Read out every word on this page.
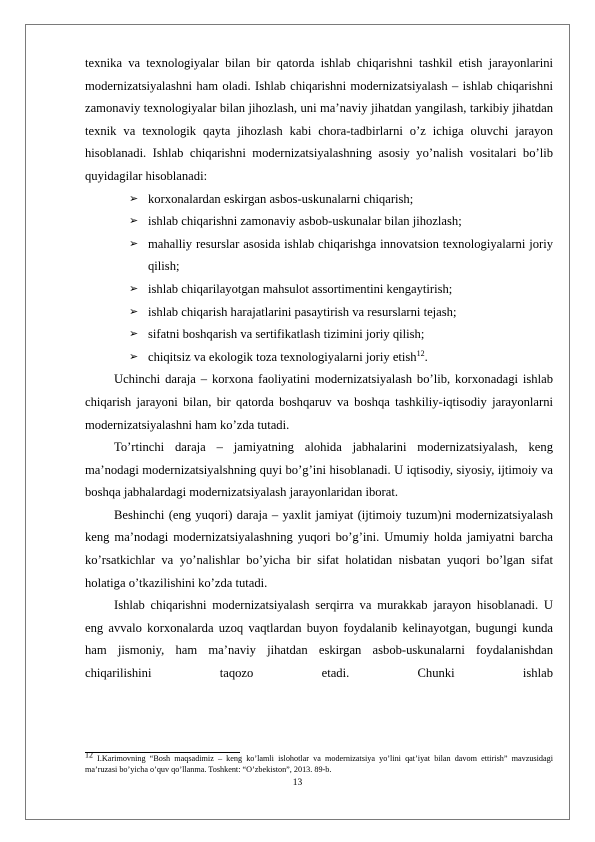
texnika va texnologiyalar bilan bir qatorda ishlab chiqarishni tashkil etish jarayonlarini modernizatsiyalashni ham oladi. Ishlab chiqarishni modernizatsiyalash – ishlab chiqarishni zamonaviy texnologiyalar bilan jihozlash, uni ma’naviy jihatdan yangilash, tarkibiy jihatdan texnik va texnologik qayta jihozlash kabi chora-tadbirlarni o’z ichiga oluvchi jarayon hisoblanadi. Ishlab chiqarishni modernizatsiyalashning asosiy yo’nalish vositalari bo’lib quyidagilar hisoblanadi:

➢ korxonalardan eskirgan asbos-uskunalarni chiqarish;
➢ ishlab chiqarishni zamonaviy asbob-uskunalar bilan jihozlash;
➢ mahalliy resurslar asosida ishlab chiqarishga innovatsion texnologiyalarni joriy qilish;
➢ ishlab chiqarilayotgan mahsulot assortimentini kengaytirish;
➢ ishlab chiqarish harajatlarini pasaytirish va resurslarni tejash;
➢ sifatni boshqarish va sertifikatlash tizimini joriy qilish;
➢ chiqitsiz va ekologik toza texnologiyalarni joriy etish$^{12}$.

Uchinchi daraja – korxona faoliyatini modernizatsiyalash bo’lib, korxonadagi ishlab chiqarish jarayoni bilan, bir qatorda boshqaruv va boshqa tashkiliy-iqtisodiy jarayonlarni modernizatsiyalashni ham ko’zda tutadi.

To’rtinchi daraja – jamiyatning alohida jabhalarini modernizatsiyalash, keng ma’nodagi modernizatsiyalshning quyi bo’g’ini hisoblanadi. U iqtisodiy, siyosiy, ijtimoiy va boshqa jabhalardagi modernizatsiyalash jarayonlaridan iborat.

Beshinchi (eng yuqori) daraja – yaxlit jamiyat (ijtimoiy tuzum)ni modernizatsiyalash keng ma’nodagi modernizatsiyalashning yuqori bo’g’ini. Umumiy holda jamiyatni barcha ko’rsatkichlar va yo’nalishlar bo’yicha bir sifat holatidan nisbatan yuqori bo’lgan sifat holatiga o’tkazilishini ko’zda tutadi.

Ishlab chiqarishni modernizatsiyalash serqirra va murakkab jarayon hisoblanadi. U eng avvalo korxonalarda uzoq vaqtlardan buyon foydalanib kelinayotgan, bugungi kunda ham jismoniy, ham ma’naviy jihatdan eskirgan asbob-uskunalarni foydalanishdan chiqarilishini taqozo etadi. Chunki ishlab

$^{12}$ I.Karimovning “Bosh maqsadimiz – keng ko’lamli islohotlar va modernizatsiya yo’lini qat’iyat bilan davom ettirish” mavzusidagi ma’ruzasi bo’yicha o’quv qo’llanma. Toshkent: “O’zbekiston”, 2013. 89-b.
13
